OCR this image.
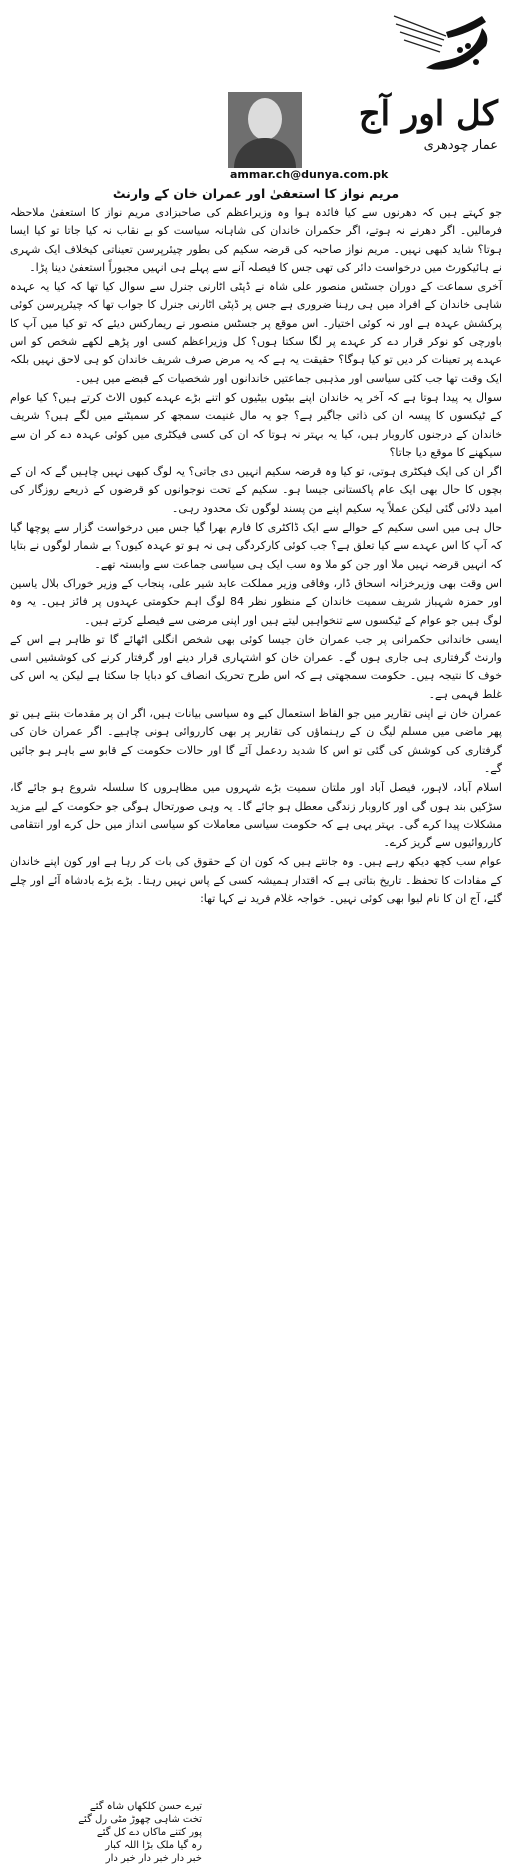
کل اور آج
عمار چودھری
ammar.ch@dunya.com.pk
مریم نواز کا استعفیٰ اور عمران خان کے وارنٹ

جو کہتے ہیں کہ دھرنوں سے کیا فائدہ ہوا وہ وزیراعظم کی صاحبزادی مریم نواز کا استعفیٰ ملاحظہ فرمالیں۔ اگر دھرنے نہ ہوتے، اگر حکمران خاندان کی شاہانہ سیاست کو بے نقاب نہ کیا جاتا تو کیا ایسا ہوتا؟ شاید کبھی نہیں۔ مریم نواز صاحبہ کی قرضہ سکیم کی بطور چیئرپرسن تعیناتی کیخلاف ایک شہری نے ہائیکورٹ میں درخواست دائر کی تھی جس کا فیصلہ آنے سے پہلے ہی انہیں مجبوراً استعفیٰ دینا پڑا۔

آخری سماعت کے دوران جسٹس منصور علی شاہ نے ڈپٹی اٹارنی جنرل سے سوال کیا تھا کہ کیا یہ عہدہ شاہی خاندان کے افراد میں ہی رہنا ضروری ہے جس پر ڈپٹی اٹارنی جنرل کا جواب تھا کہ چیئرپرسن کوئی پرکشش عہدہ ہے اور نہ کوئی اختیار۔ اس موقع پر جسٹس منصور نے ریمارکس دیئے کہ تو کیا میں آپ کا باورچی کو نوکر قرار دے کر عہدے پر لگا سکتا ہوں؟ کل وزیراعظم کسی اور پڑھے لکھے شخص کو اس عہدے پر تعینات کر دیں تو کیا ہوگا؟ حقیقت یہ ہے کہ یہ مرض صرف شریف خاندان کو ہی لاحق نہیں بلکہ ایک وقت تھا جب کئی سیاسی اور مذہبی جماعتیں خاندانوں اور شخصیات کے قبضے میں ہیں۔

سوال یہ پیدا ہوتا ہے کہ آخر یہ خاندان اپنے بیٹوں بیٹیوں کو اتنے بڑے عہدے کیوں الاٹ کرتے ہیں؟ کیا عوام کے ٹیکسوں کا پیسہ ان کی ذاتی جاگیر ہے؟ جو یہ مال غنیمت سمجھ کر سمیٹنے میں لگے ہیں؟ شریف خاندان کے درجنوں کاروبار ہیں، کیا یہ بہتر نہ ہوتا کہ ان کی کسی فیکٹری میں کوئی عہدہ دے کر ان سے سیکھنے کا موقع دیا جاتا؟

اگر ان کی ایک فیکٹری ہوتی، تو کیا وہ قرضہ سکیم انہیں دی جاتی؟ یہ لوگ کبھی نہیں چاہیں گے کہ ان کے بچوں کا حال بھی ایک عام پاکستانی جیسا ہو۔ سکیم کے تحت نوجوانوں کو قرضوں کے ذریعے روزگار کی امید دلائی گئی لیکن عملاً یہ سکیم اپنے من پسند لوگوں تک محدود رہی۔

حال ہی میں اسی سکیم کے حوالے سے ایک ڈاکٹری کا فارم بھرا گیا جس میں درخواست گزار سے پوچھا گیا کہ آپ کا اس عہدے سے کیا تعلق ہے؟ جب کوئی کارکردگی ہی نہ ہو تو عہدہ کیوں؟ بے شمار لوگوں نے بتایا کہ انہیں قرضہ نہیں ملا اور جن کو ملا وہ سب ایک ہی سیاسی جماعت سے وابستہ تھے۔

اس وقت بھی وزیرخزانہ اسحاق ڈار، وفاقی وزیر مملکت عابد شیر علی، پنجاب کے وزیر خوراک بلال یاسین اور حمزہ شہباز شریف سمیت خاندان کے منظور نظر 84 لوگ اہم حکومتی عہدوں پر فائز ہیں۔ یہ وہ لوگ ہیں جو عوام کے ٹیکسوں سے تنخواہیں لیتے ہیں اور اپنی مرضی سے فیصلے کرتے ہیں۔

ایسی خاندانی حکمرانی پر جب عمران خان جیسا کوئی بھی شخص انگلی اٹھائے گا تو ظاہر ہے اس کے وارنٹ گرفتاری ہی جاری ہوں گے۔ عمران خان کو اشتہاری قرار دینے اور گرفتار کرنے کی کوششیں اسی خوف کا نتیجہ ہیں۔ حکومت سمجھتی ہے کہ اس طرح تحریک انصاف کو دبایا جا سکتا ہے لیکن یہ اس کی غلط فہمی ہے۔

عمران خان نے اپنی تقاریر میں جو الفاظ استعمال کیے وہ سیاسی بیانات ہیں، اگر ان پر مقدمات بنتے ہیں تو پھر ماضی میں مسلم لیگ ن کے رہنماؤں کی تقاریر پر بھی کارروائی ہونی چاہیے۔ اگر عمران خان کی گرفتاری کی کوشش کی گئی تو اس کا شدید ردعمل آئے گا اور حالات حکومت کے قابو سے باہر ہو جائیں گے۔

اسلام آباد، لاہور، فیصل آباد اور ملتان سمیت بڑے شہروں میں مظاہروں کا سلسلہ شروع ہو جائے گا، سڑکیں بند ہوں گی اور کاروبار زندگی معطل ہو جائے گا۔ یہ وہی صورتحال ہوگی جو حکومت کے لیے مزید مشکلات پیدا کرے گی۔ بہتر یہی ہے کہ حکومت سیاسی معاملات کو سیاسی انداز میں حل کرے اور انتقامی کارروائیوں سے گریز کرے۔

عوام سب کچھ دیکھ رہے ہیں۔ وہ جانتے ہیں کہ کون ان کے حقوق کی بات کر رہا ہے اور کون اپنے خاندان کے مفادات کا تحفظ۔ تاریخ بتاتی ہے کہ اقتدار ہمیشہ کسی کے پاس نہیں رہتا۔ بڑے بڑے بادشاہ آئے اور چلے گئے، آج ان کا نام لیوا بھی کوئی نہیں۔ خواجہ غلام فرید نے کہا تھا:

تیرے حسن کلکھاں شاہ گئے
تخت شاہی چھوڑ مٹی رل گئے
پور کتنے ماکاں دے کل گئے
رہ گیا ملک بڑا اللہ کبار
خبر دار خبر دار خبر دار
